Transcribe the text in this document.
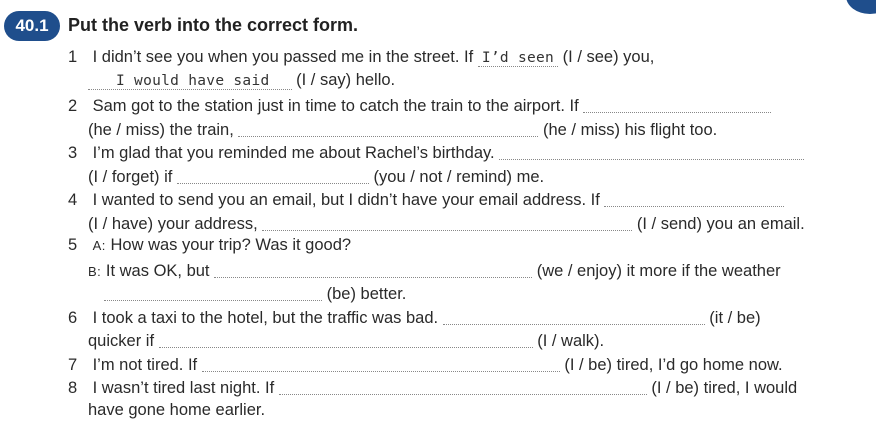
40.1	Put the verb into the correct form.
1 I didn’t see you when you passed me in the street. If I’d seen (I / see) you,
I would have said (I / say) hello.
2 Sam got to the station just in time to catch the train to the airport. If
(he / miss) the train,	(he / miss) his flight too.
3 I’m glad that you reminded me about Rachel’s birthday.
(I / forget) if	(you / not / remind) me.
4 I wanted to send you an email, but I didn’t have your email address. If
(I / have) your address,	(I / send) you an email.
5 A: How was your trip? Was it good?
B: It was OK, but	(we / enjoy) it more if the weather
(be) better.
6 I took a taxi to the hotel, but the traffic was bad.	(it / be)
quicker if	(I / walk).
7 I’m not tired. If	(I / be) tired, I’d go home now.
8 I wasn’t tired last night. If	(I / be) tired, I would
have gone home earlier.
